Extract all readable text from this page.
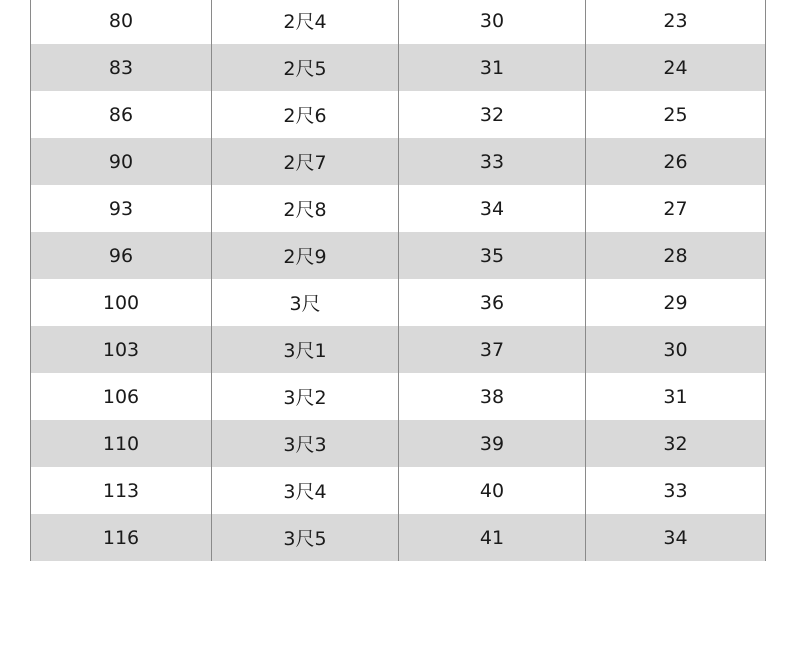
80	2尺4	30	23
83	2尺5	31	24
86	2尺6	32	25
90	2尺7	33	26
93	2尺8	34	27
96	2尺9	35	28
100	3尺	36	29
103	3尺1	37	30
106	3尺2	38	31
110	3尺3	39	32
113	3尺4	40	33
116	3尺5	41	34
